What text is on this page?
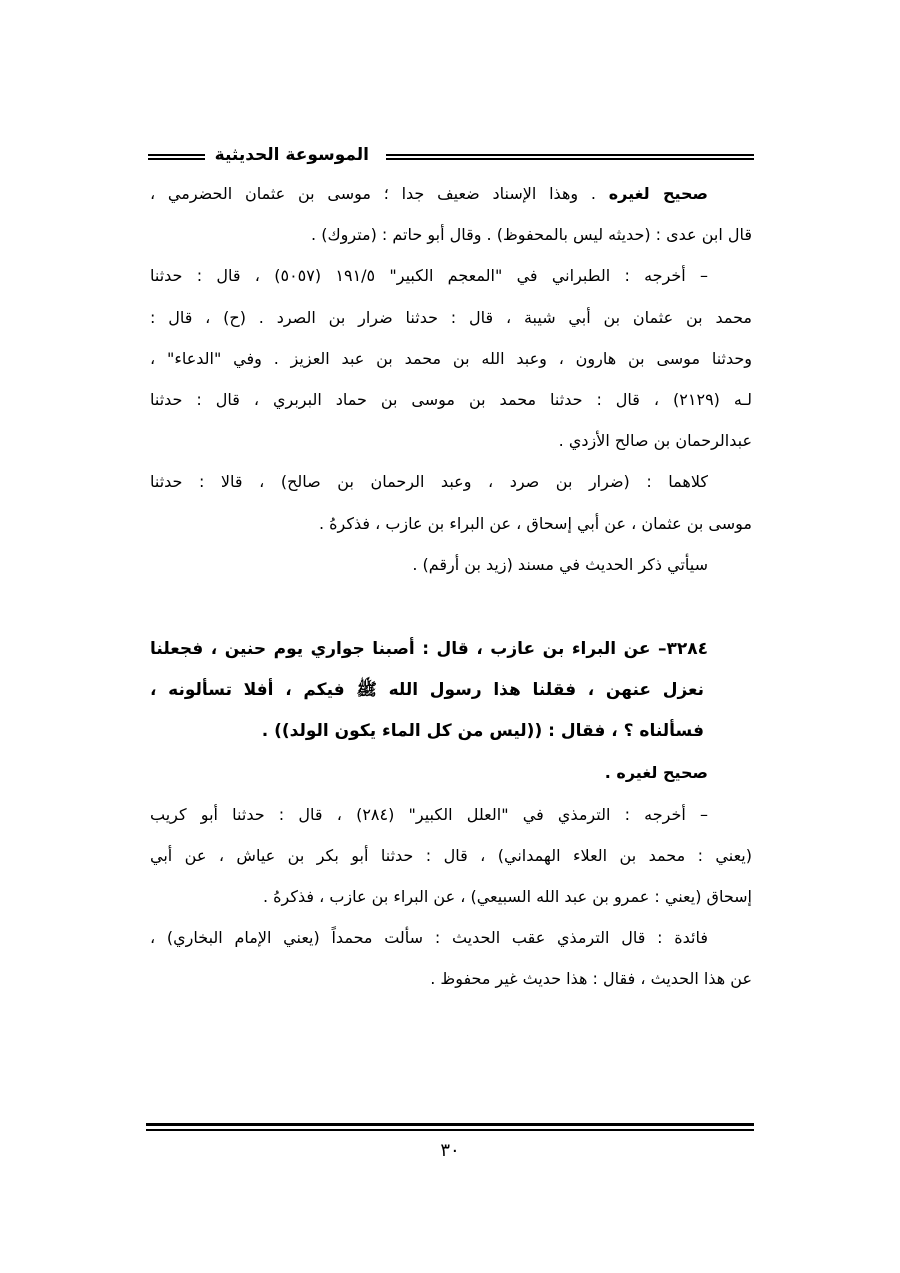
الموسوعة الحديثية
صحيح لغيره . وهذا الإسناد ضعيف جدا ؛ موسى بن عثمان الحضرمي ،
قال ابن عدى : (حديثه ليس بالمحفوظ) . وقال أبو حاتم : (متروك) .
– أخرجه : الطبراني في "المعجم الكبير" ١٩١/٥ (٥٠٥٧) ، قال : حدثنا
محمد بن عثمان بن أبي شيبة ، قال : حدثنا ضرار بن الصرد . (ح) ، قال :
وحدثنا موسى بن هارون ، وعبد الله بن محمد بن عبد العزيز . وفي "الدعاء" ،
لـه (٢١٢٩) ، قال : حدثنا محمد بن موسى بن حماد البربري ، قال : حدثنا
عبدالرحمان بن صالح الأزدي .
كلاهما : (ضرار بن صرد ، وعبد الرحمان بن صالح) ، قالا : حدثنا
موسى بن عثمان ، عن أبي إسحاق ، عن البراء بن عازب ، فذكرهُ .
سيأتي ذكر الحديث في مسند (زيد بن أرقم) .
٣٢٨٤– عن البراء بن عازب ، قال : أصبنا جواري يوم حنين ، فجعلنا
نعزل عنهن ، فقلنا هذا رسول الله ﷺ فيكم ، أفلا تسألونه ،
فسألناه ؟ ، فقال : ((ليس من كل الماء يكون الولد)) .
صحيح لغيره .
– أخرجه : الترمذي في "العلل الكبير" (٢٨٤) ، قال : حدثنا أبو كريب
(يعني : محمد بن العلاء الهمداني) ، قال : حدثنا أبو بكر بن عياش ، عن أبي
إسحاق (يعني : عمرو بن عبد الله السبيعي) ، عن البراء بن عازب ، فذكرهُ .
فائدة : قال الترمذي عقب الحديث : سألت محمداً (يعني الإمام البخاري) ،
عن هذا الحديث ، فقال : هذا حديث غير محفوظ .
٣٠
